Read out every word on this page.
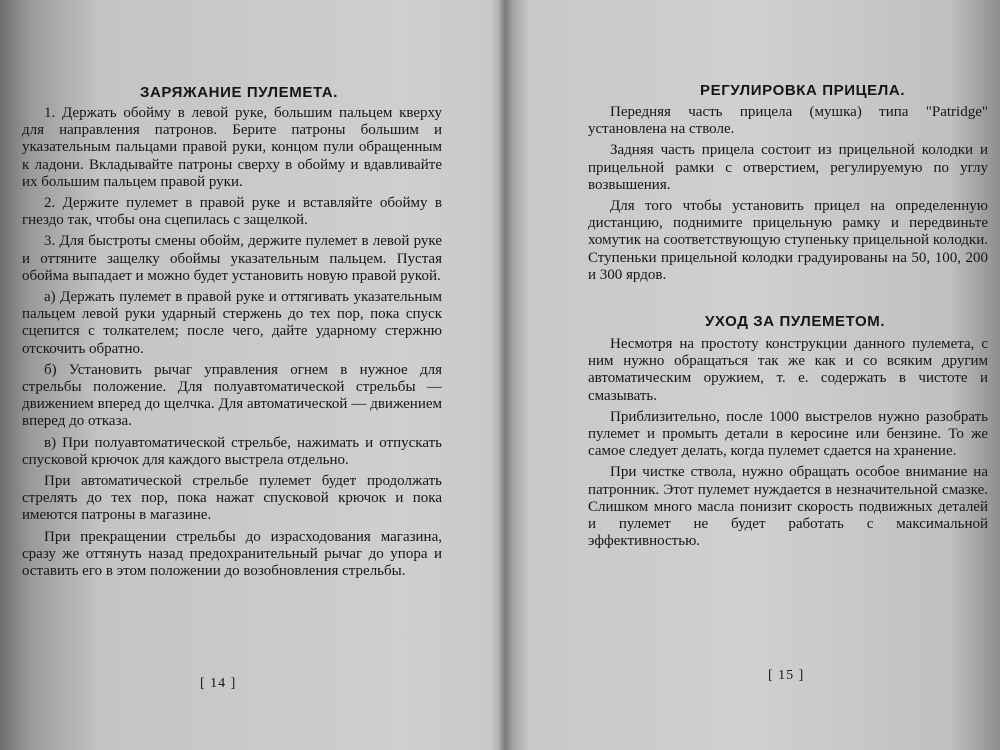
ЗАРЯЖАНИЕ ПУЛЕМЕТА.

1. Держать обойму в левой руке, большим пальцем кверху для направления патронов. Берите патроны большим и указательным пальцами правой руки, концом пули обращенным к ладони. Вкладывайте патроны сверху в обойму и вдавливайте их большим пальцем правой руки.

2. Держите пулемет в правой руке и вставляйте обойму в гнездо так, чтобы она сцепилась с защелкой.

3. Для быстроты смены обойм, держите пулемет в левой руке и оттяните защелку обоймы указательным пальцем. Пустая обойма выпадает и можно будет установить новую правой рукой.

а) Держать пулемет в правой руке и оттягивать указательным пальцем левой руки ударный стержень до тех пор, пока спуск сцепится с толкателем; после чего, дайте ударному стержню отскочить обратно.

б) Установить рычаг управления огнем в нужное для стрельбы положение. Для полуавтоматической стрельбы — движением вперед до щелчка. Для автоматической — движением вперед до отказа.

в) При полуавтоматической стрельбе, нажимать и отпускать спусковой крючок для каждого выстрела отдельно.

При автоматической стрельбе пулемет будет продолжать стрелять до тех пор, пока нажат спусковой крючок и пока имеются патроны в магазине.

При прекращении стрельбы до израсходования магазина, сразу же оттянуть назад предохранительный рычаг до упора и оставить его в этом положении до возобновления стрельбы.

[ 14 ]
РЕГУЛИРОВКА ПРИЦЕЛА.

Передняя часть прицела (мушка) типа "Patridge" установлена на стволе.

Задняя часть прицела состоит из прицельной колодки и прицельной рамки с отверстием, регулируемую по углу возвышения.

Для того чтобы установить прицел на определенную дистанцию, поднимите прицельную рамку и передвиньте хомутик на соответствующую ступеньку прицельной колодки. Ступеньки прицельной колодки градуированы на 50, 100, 200 и 300 ярдов.

УХОД ЗА ПУЛЕМЕТОМ.

Несмотря на простоту конструкции данного пулемета, с ним нужно обращаться так же как и со всяким другим автоматическим оружием, т. е. содержать в чистоте и смазывать.

Приблизительно, после 1000 выстрелов нужно разобрать пулемет и промыть детали в керосине или бензине. То же самое следует делать, когда пулемет сдается на хранение.

При чистке ствола, нужно обращать особое внимание на патронник. Этот пулемет нуждается в незначительной смазке. Слишком много масла понизит скорость подвижных деталей и пулемет не будет работать с максимальной эффективностью.

[ 15 ]
